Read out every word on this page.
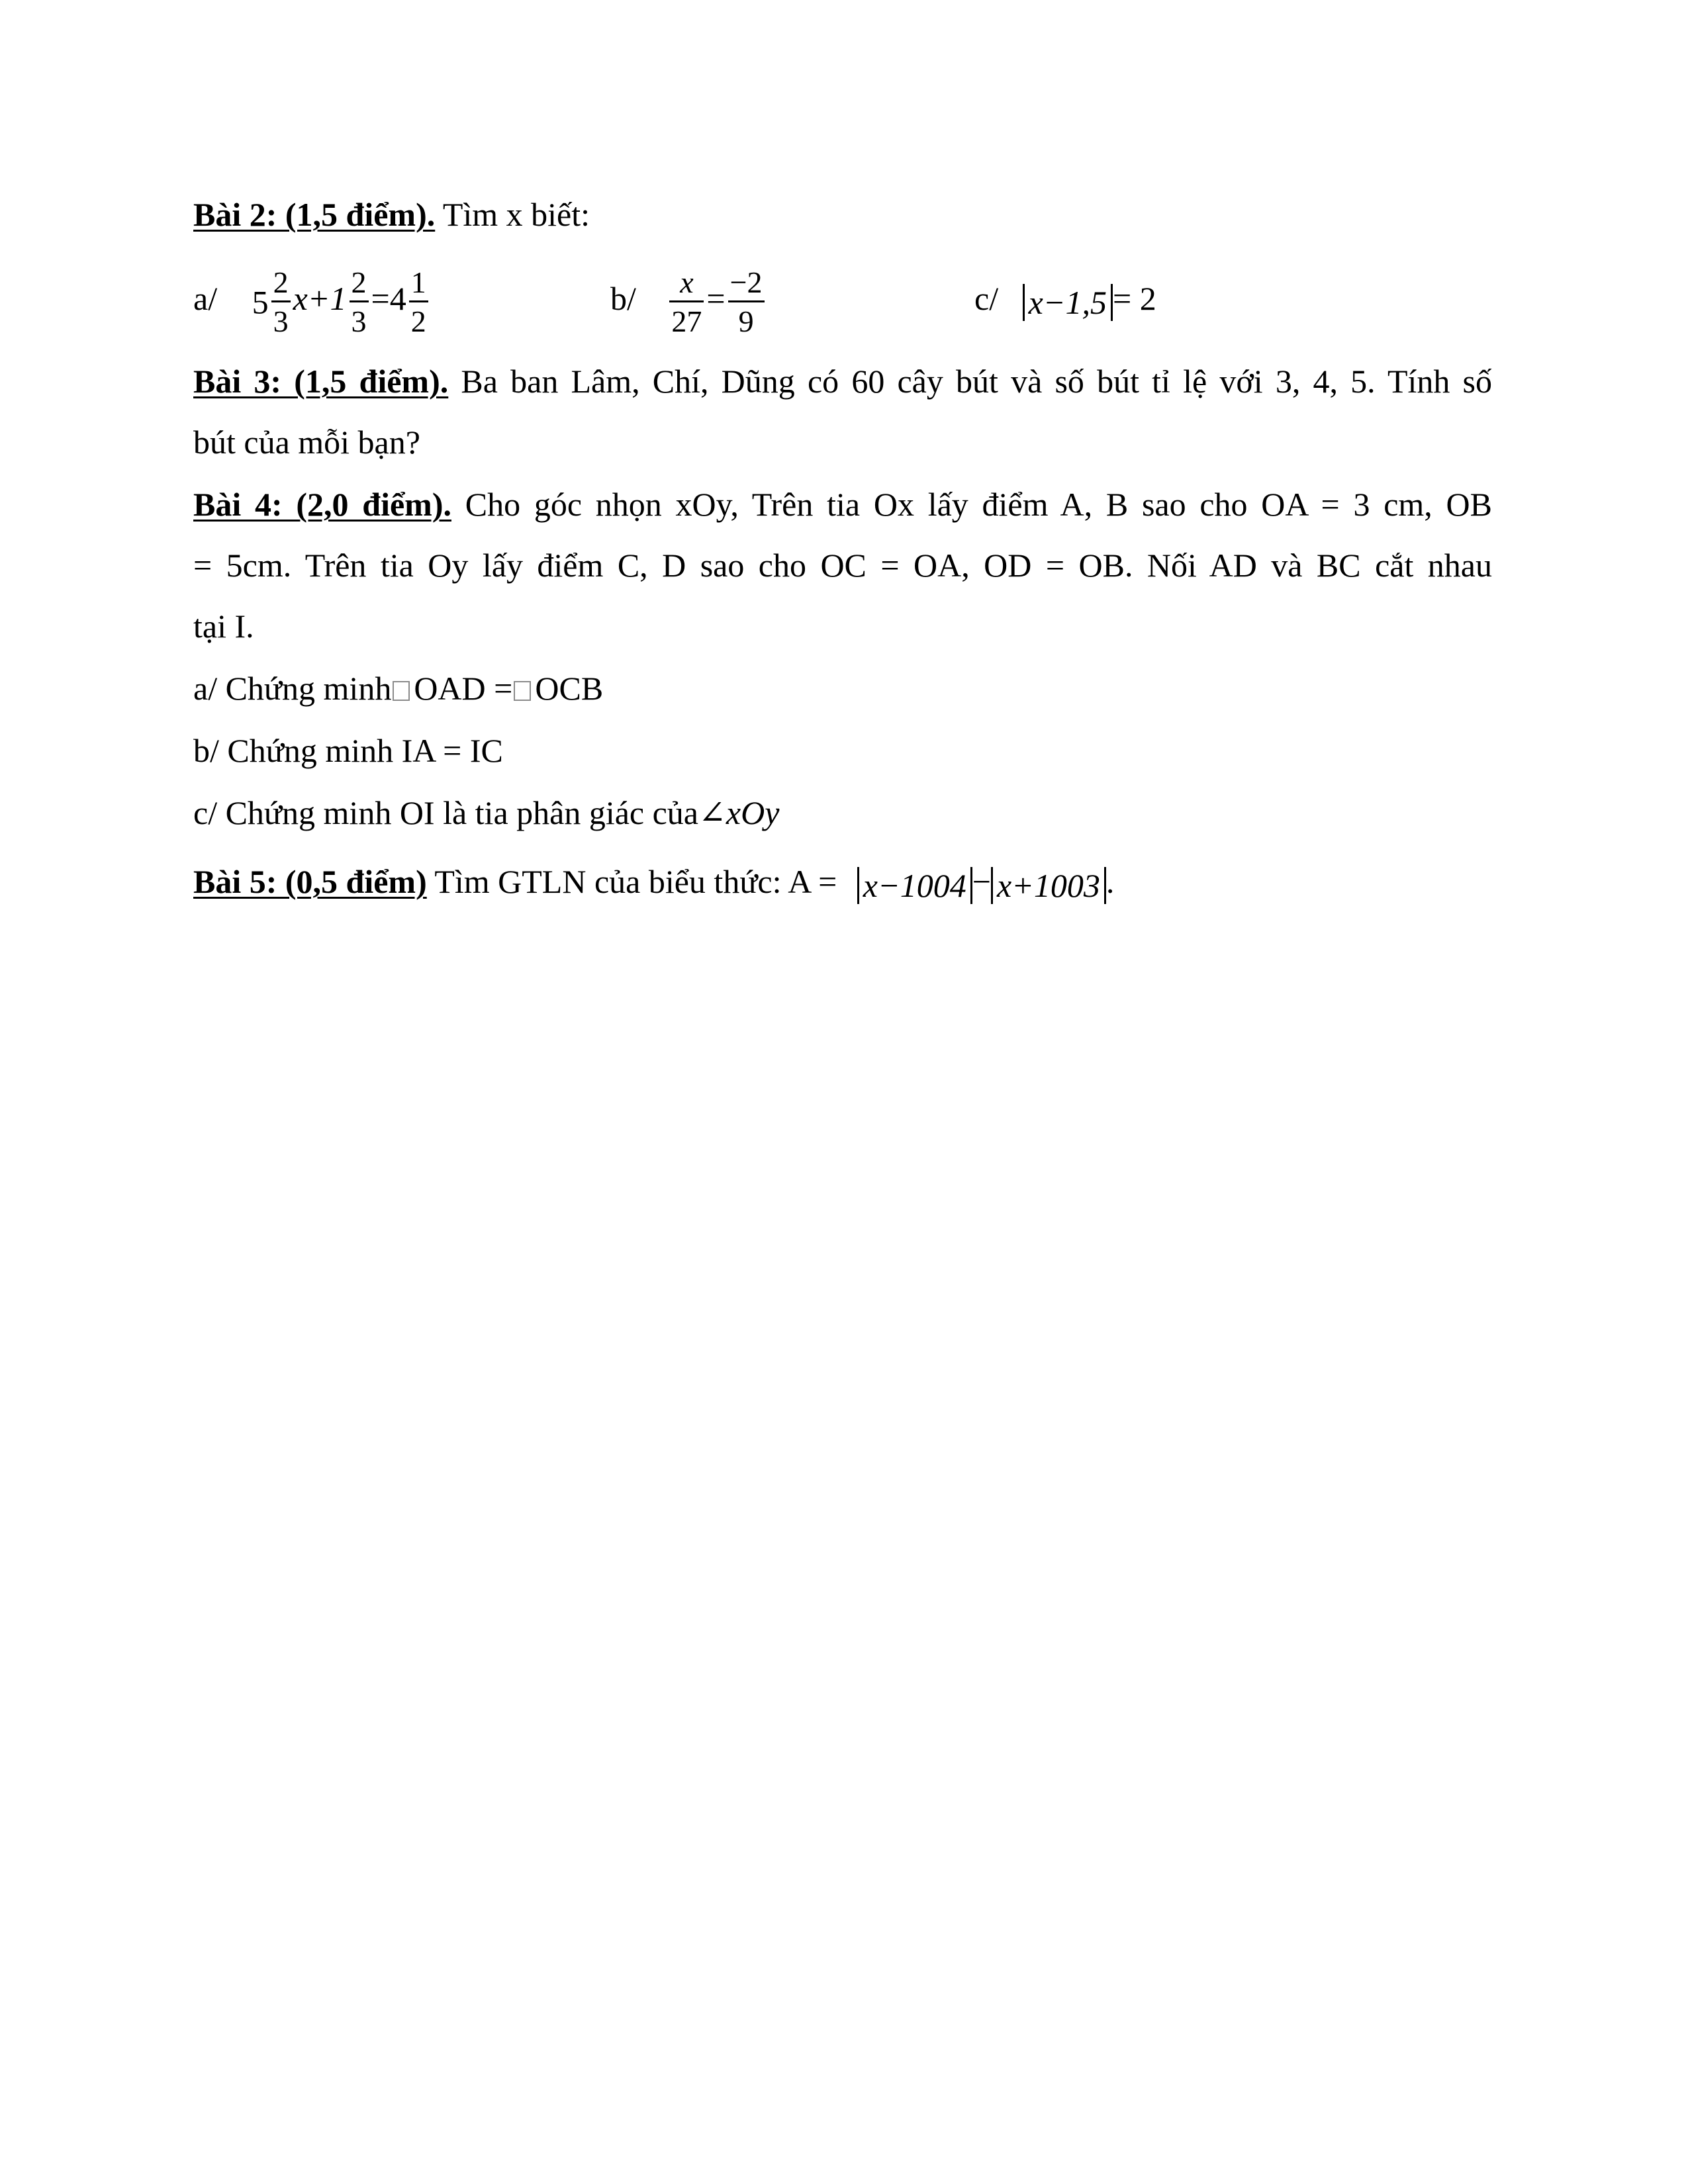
Bài 2: (1,5 điểm). Tìm x biết:
a/ $5 \frac{2}{3} x+1 \frac{2}{3} =4 \frac{1}{2}$	$b/ \frac{x}{27} = \frac{-2}{9}$	c/ x−1,5 = 2
Bài 3: (1,5 điểm). Ba ban Lâm, Chí, Dũng có 60 cây bút và số bút tỉ lệ với 3, 4, 5. Tính số
bút của mỗi bạn?
Bài 4: (2,0 điểm). Cho góc nhọn xOy, Trên tia Ox lấy điểm A, B sao cho OA = 3 cm, OB
= 5cm. Trên tia Oy lấy điểm C, D sao cho OC = OA, OD = OB. Nối AD và BC cắt nhau
tại I.
a/ Chứng minh OAD = OCB
b/ Chứng minh IA = IC
c/ Chứng minh OI là tia phân giác của∠xOy
Bài 5: (0,5 điểm) Tìm GTLN của biểu thức: A = x−1004 − x+1003 .
